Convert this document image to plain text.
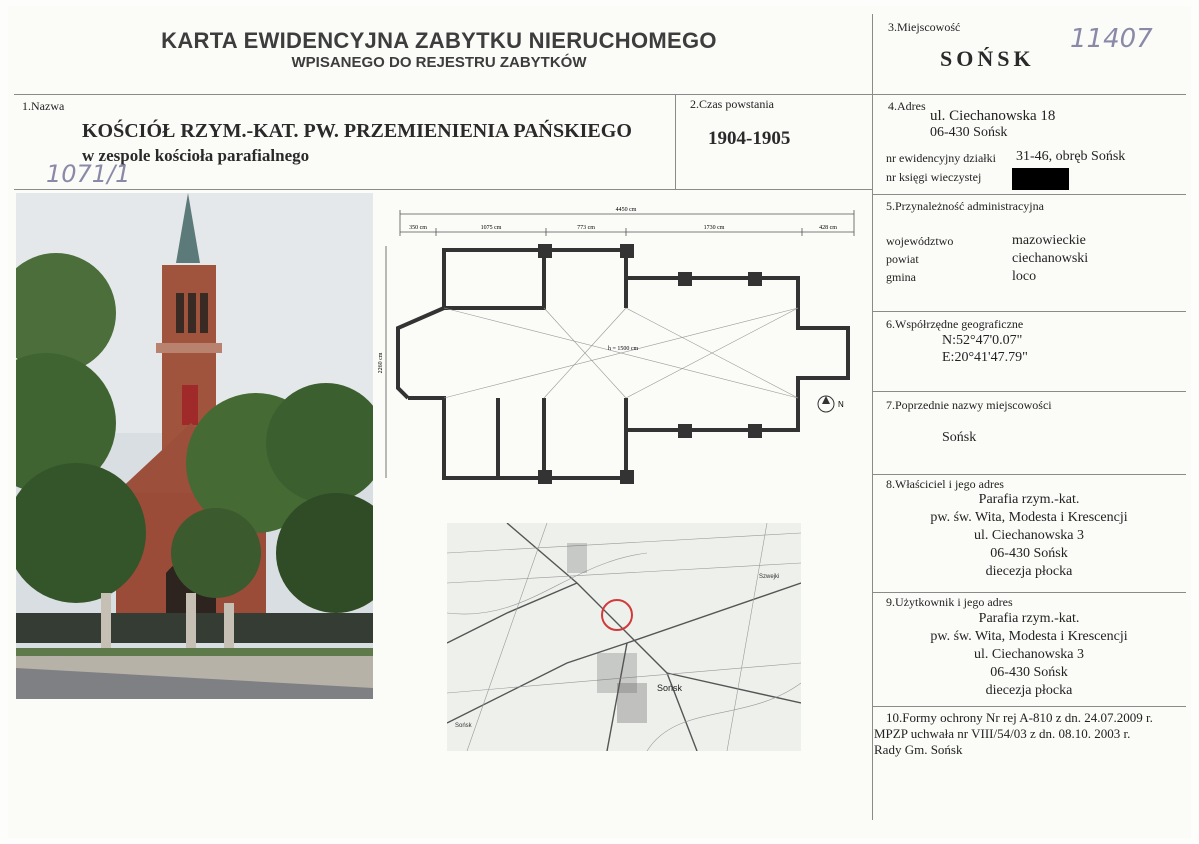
KARTA EWIDENCYJNA ZABYTKU NIERUCHOMEGO
WPISANEGO DO REJESTRU ZABYTKÓW
3.Miejscowość
SOŃSK
11407
1.Nazwa
KOŚCIÓŁ RZYM.-KAT. PW. PRZEMIENIENIA PAŃSKIEGO
w zespole kościoła parafialnego
1071/1
2.Czas powstania
1904-1905
4.Adres
ul. Ciechanowska 18
06-430 Sońsk
nr ewidencyjny działki 31-46, obręb Sońsk
nr księgi wieczystej
5.Przynależność administracyjna
województwo	mazowieckie
powiat	ciechanowski
gmina	loco
6.Współrzędne geograficzne
N:52°47'0.07"
E:20°41'47.79"
7.Poprzednie nazwy miejscowości
Sońsk
8.Właściciel i jego adres
Parafia rzym.-kat.
pw. św. Wita, Modesta i Krescencji
ul. Ciechanowska 3
06-430 Sońsk
diecezja płocka
9.Użytkownik i jego adres
Parafia rzym.-kat.
pw. św. Wita, Modesta i Krescencji
ul. Ciechanowska 3
06-430 Sońsk
diecezja płocka
10.Formy ochrony Nr rej A-810 z dn. 24.07.2009 r.
MPZP uchwała nr VIII/54/03 z dn. 08.10. 2003 r.
Rady Gm. Sońsk
4450 cm
350 cm	1075 cm	773 cm	1730 cm	428 cm
2260 cm
h = 1500 cm
N
Sońsk
Sońsk
Szwejki
